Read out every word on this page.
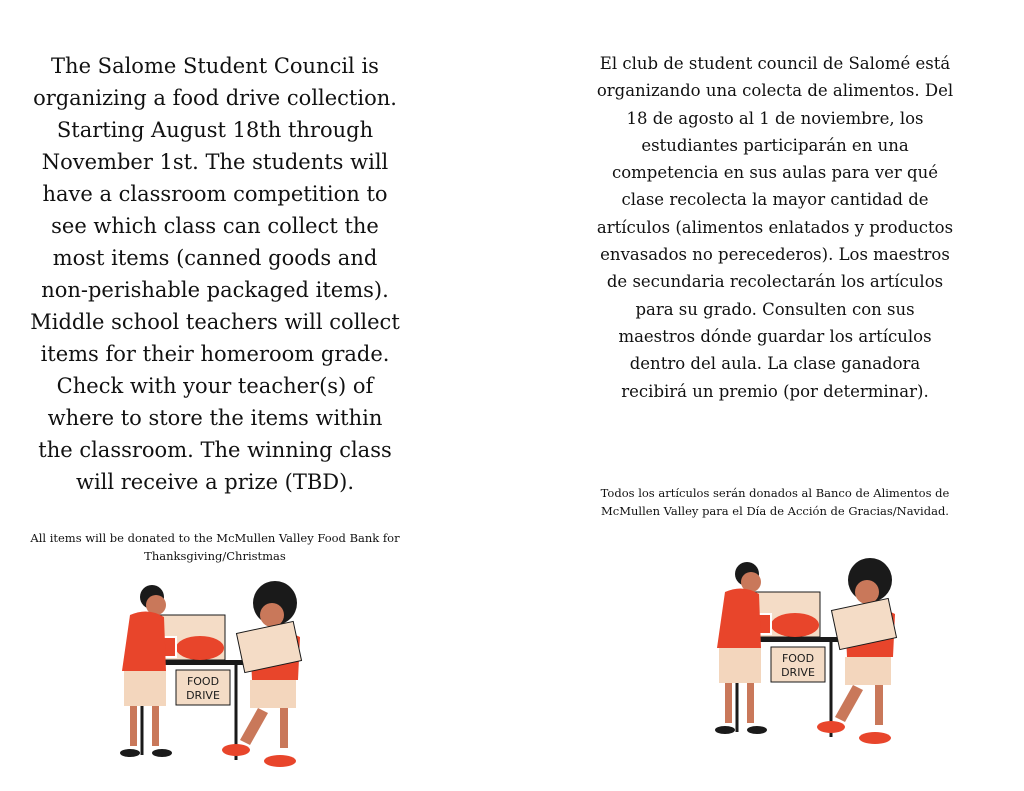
The Salome Student Council is organizing a food drive collection. Starting August 18th through November 1st. The students will have a classroom competition to see which class can collect the most items (canned goods and non-perishable packaged items). Middle school teachers will collect items for their homeroom grade. Check with your teacher(s) of where to store the items within the classroom. The winning class will receive a prize (TBD).
All items will be donated to the McMullen Valley Food Bank for Thanksgiving/Christmas
El club de student council de Salomé está organizando una colecta de alimentos. Del 18 de agosto al 1 de noviembre, los estudiantes participarán en una competencia en sus aulas para ver qué clase recolecta la mayor cantidad de artículos (alimentos enlatados y productos envasados no perecederos). Los maestros de secundaria recolectarán los artículos para su grado. Consulten con sus maestros dónde guardar los artículos dentro del aula. La clase ganadora recibirá un premio (por determinar).
Todos los artículos serán donados al Banco de Alimentos de McMullen Valley para el Día de Acción de Gracias/Navidad.
FOOD
DRIVE
FOOD
DRIVE
